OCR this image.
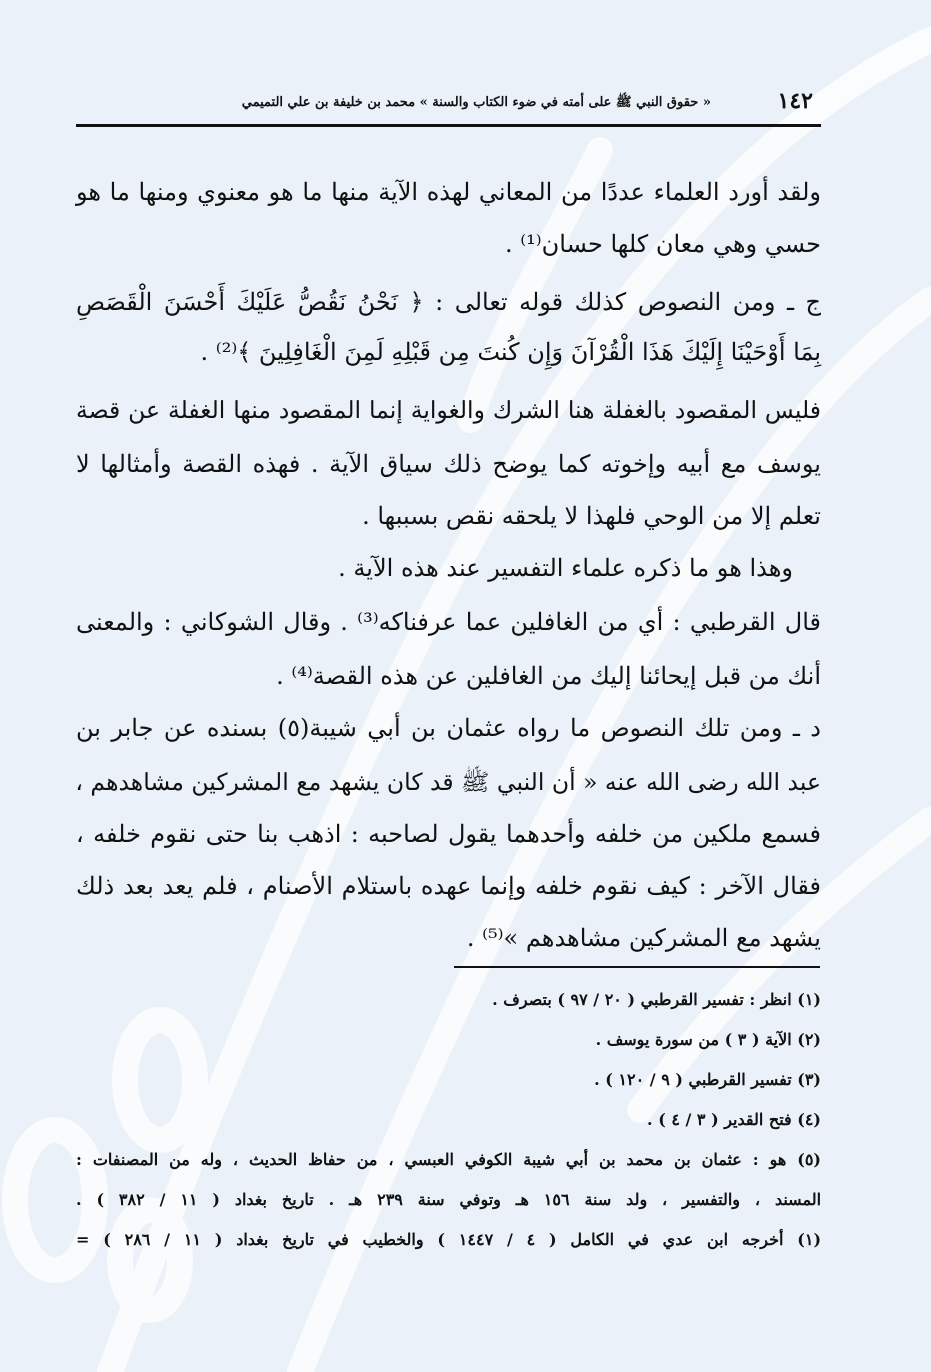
١٤٢
« حقوق النبي ﷺ على أمته في ضوء الكتاب والسنة » محمد بن خليفة بن علي التميمي
ولقد أورد العلماء عددًا من المعاني لهذه الآية منها ما هو معنوي ومنها ما هو
حسي وهي معان كلها حسان⁽¹⁾ .
ج ـ ومن النصوص كذلك قوله تعالى : ﴿ نَحْنُ نَقُصُّ عَلَيْكَ أَحْسَنَ الْقَصَصِ
بِمَا أَوْحَيْنَا إِلَيْكَ هَذَا الْقُرْآنَ وَإِن كُنتَ مِن قَبْلِهِ لَمِنَ الْغَافِلِينَ ﴾⁽²⁾ .
فليس المقصود بالغفلة هنا الشرك والغواية إنما المقصود منها الغفلة عن قصة
يوسف مع أبيه وإخوته كما يوضح ذلك سياق الآية . فهذه القصة وأمثالها لا
تعلم إلا من الوحي فلهذا لا يلحقه نقص بسببها .
وهذا هو ما ذكره علماء التفسير عند هذه الآية .
قال القرطبي : أي من الغافلين عما عرفناكه⁽³⁾ . وقال الشوكاني : والمعنى
أنك من قبل إيحائنا إليك من الغافلين عن هذه القصة⁽⁴⁾ .
د ـ ومن تلك النصوص ما رواه عثمان بن أبي شيبة(٥) بسنده عن جابر بن
عبد الله رضى الله عنه « أن النبي ﷺ قد كان يشهد مع المشركين مشاهدهم ،
فسمع ملكين من خلفه وأحدهما يقول لصاحبه : اذهب بنا حتى نقوم خلفه ،
فقال الآخر : كيف نقوم خلفه وإنما عهده باستلام الأصنام ، فلم يعد بعد ذلك
يشهد مع المشركين مشاهدهم »⁽⁵⁾ .
(١) انظر : تفسير القرطبي ( ٢٠ / ٩٧ ) بتصرف .
(٢) الآية ( ٣ ) من سورة يوسف .
(٣) تفسير القرطبي ( ٩ / ١٢٠ ) .
(٤) فتح القدير ( ٣ / ٤ ) .
(٥) هو : عثمان بن محمد بن أبي شيبة الكوفي العبسي ، من حفاظ الحديث ، وله من المصنفات :
المسند ، والتفسير ، ولد سنة ١٥٦ هـ وتوفي سنة ٢٣٩ هـ . تاريخ بغداد ( ١١ / ٣٨٢ ) .
(١) أخرجه ابن عدي في الكامل ( ٤ / ١٤٤٧ ) والخطيب في تاريخ بغداد ( ١١ / ٢٨٦ ) =
